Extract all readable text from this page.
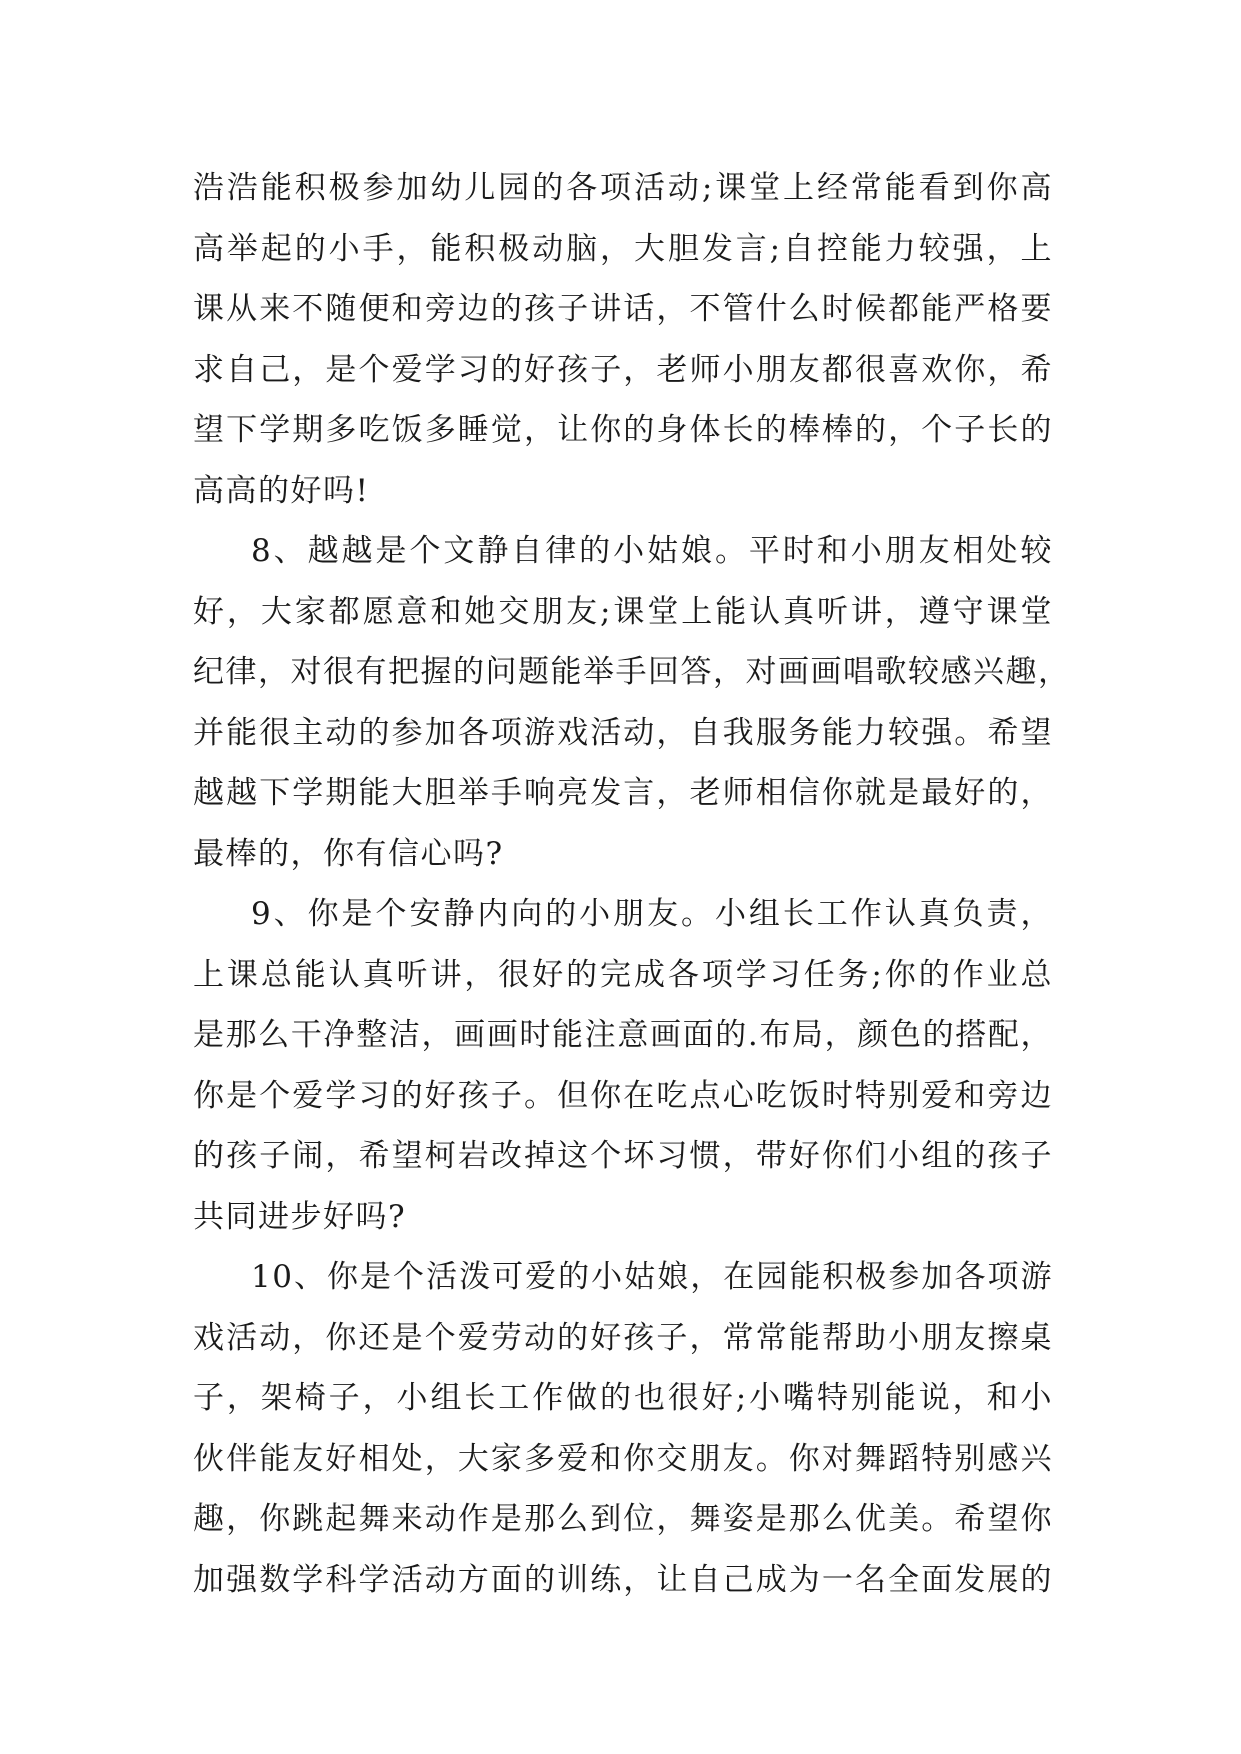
浩浩能积极参加幼儿园的各项活动;课堂上经常能看到你高
高举起的小手，能积极动脑，大胆发言;自控能力较强，上
课从来不随便和旁边的孩子讲话，不管什么时候都能严格要
求自己，是个爱学习的好孩子，老师小朋友都很喜欢你，希
望下学期多吃饭多睡觉，让你的身体长的棒棒的，个子长的
高高的好吗!
8、越越是个文静自律的小姑娘。平时和小朋友相处较
好，大家都愿意和她交朋友;课堂上能认真听讲，遵守课堂
纪律，对很有把握的问题能举手回答，对画画唱歌较感兴趣，
并能很主动的参加各项游戏活动，自我服务能力较强。希望
越越下学期能大胆举手响亮发言，老师相信你就是最好的，
最棒的，你有信心吗?
9、你是个安静内向的小朋友。小组长工作认真负责，
上课总能认真听讲，很好的完成各项学习任务;你的作业总
是那么干净整洁，画画时能注意画面的.布局，颜色的搭配，
你是个爱学习的好孩子。但你在吃点心吃饭时特别爱和旁边
的孩子闹，希望柯岩改掉这个坏习惯，带好你们小组的孩子
共同进步好吗?
10、你是个活泼可爱的小姑娘，在园能积极参加各项游
戏活动，你还是个爱劳动的好孩子，常常能帮助小朋友擦桌
子，架椅子，小组长工作做的也很好;小嘴特别能说，和小
伙伴能友好相处，大家多爱和你交朋友。你对舞蹈特别感兴
趣，你跳起舞来动作是那么到位，舞姿是那么优美。希望你
加强数学科学活动方面的训练，让自己成为一名全面发展的
